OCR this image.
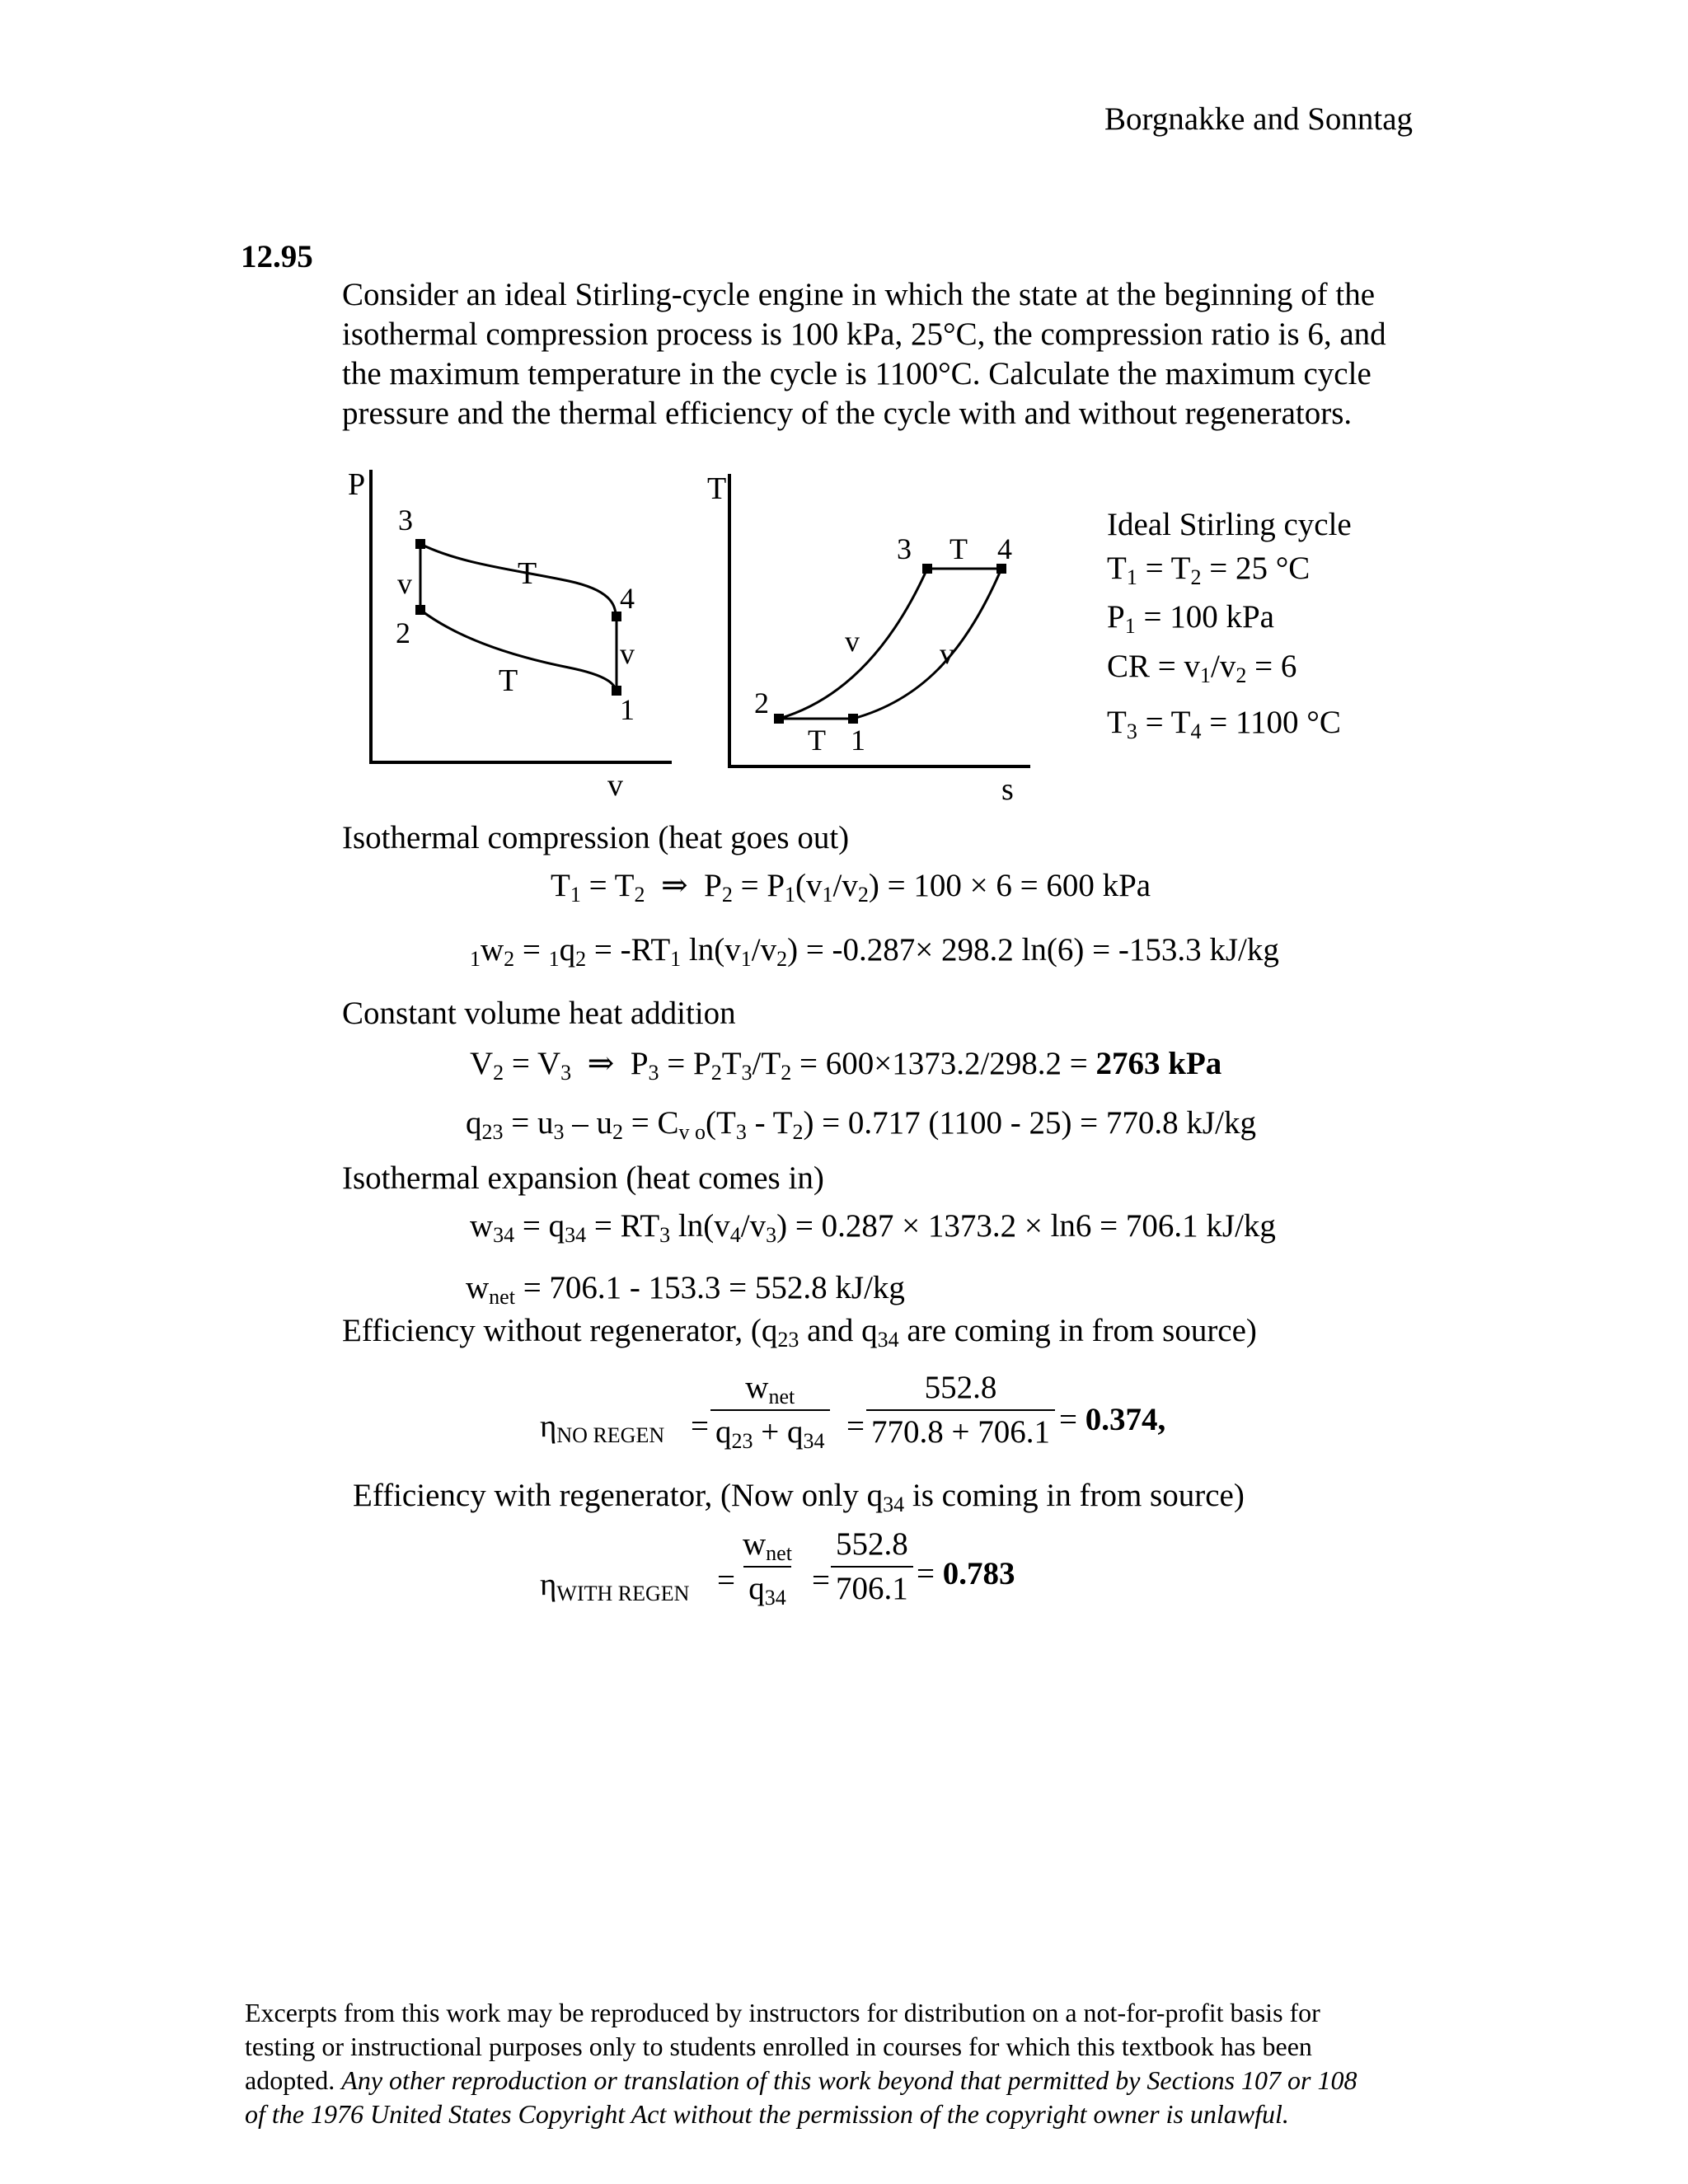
Borgnakke and Sonntag
12.95
Consider an ideal Stirling-cycle engine in which the state at the beginning of the
isothermal compression process is 100 kPa, 25°C, the compression ratio is 6, and
the maximum temperature in the cycle is 1100°C. Calculate the maximum cycle
pressure and the thermal efficiency of the cycle with and without regenerators.
P
v
3
2
4
1
v
v
T
T
T
s
3	4
2
1
T
T
v	v
Ideal Stirling cycle
$T_1 = T_2 = 25$ °C
$P_1 = 100$ kPa
CR = $v_1/v_2 = 6$
$T_3 = T_4 = 1100$ °C
Isothermal compression (heat goes out)
$T_1 = T_2$  ⇒  $P_2 = P_1(v_1/v_2) = 100 \times 6 = 600$ kPa
$_1w_2 = _1q_2 = -RT_1$ $\ln(v_1/v_2) = -0.287\times 298.2$ ln(6) = -153.3 kJ/kg
Constant volume heat addition
$V_2 = V_3$  ⇒  $P_3 = P_2T_3/T_2 = 600\times 1373.2/298.2 = 2763$ kPa
$q_{23} = u_3 - u_2 = C_{v o}(T_3 - T_2) = 0.717$ (1100 - 25) = 770.8 kJ/kg
Isothermal expansion (heat comes in)
$w_{34} = q_{34} = RT_3$ $\ln(v_4/v_3) = 0.287 \times 1373.2 \times \ln 6 = 706.1$ kJ/kg
$w_{net} = 706.1 - 153.3 = 552.8$ kJ/kg
Efficiency without regenerator, ($q_{23}$ and $q_{34}$ are coming in from source)
$\eta_{NO REGEN}$ =
$w_{net}$
$q_{23} + q_{34} = \frac{552.8}{770.8 + 706.1} = 0.374$,
Efficiency with regenerator, (Now only $q_{34}$ is coming in from source)
$\eta_{WITH REGEN}$ =
$w_{net}$
$q_{34} = \frac{552.8}{706.1} = 0.783$
Excerpts from this work may be reproduced by instructors for distribution on a not-for-profit basis for
testing or instructional purposes only to students enrolled in courses for which this textbook has been
adopted. Any other reproduction or translation of this work beyond that permitted by Sections 107 or 108
of the 1976 United States Copyright Act without the permission of the copyright owner is unlawful.
